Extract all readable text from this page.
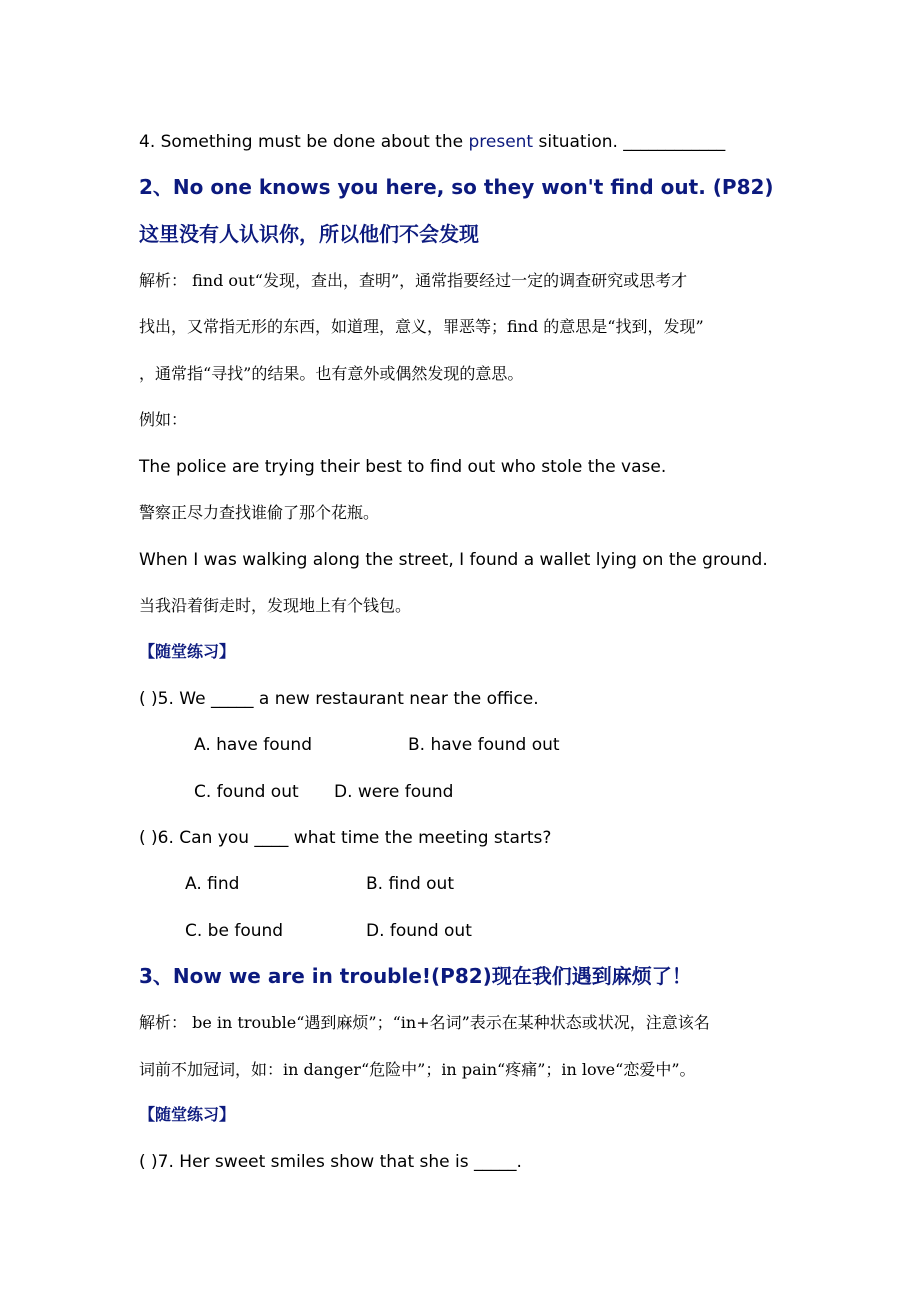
4. Something must be done about the present situation. ____________
2、No one knows you here, so they won't find out. (P82)
这里没有人认识你，所以他们不会发现
解析： find out“发现，查出，查明”，通常指要经过一定的调查研究或思考才
找出，又常指无形的东西，如道理，意义，罪恶等；find 的意思是“找到，发现”
，通常指“寻找”的结果。也有意外或偶然发现的意思。
例如：
The police are trying their best to find out who stole the vase.
警察正尽力查找谁偷了那个花瓶。
When I was walking along the street, I found a wallet lying on the ground.
当我沿着街走时，发现地上有个钱包。
【随堂练习】
( )5. We _____ a new restaurant near the office.
A. have found	B. have found out
C. found out D. were found
( )6. Can you ____ what time the meeting starts?
A. find	B. find out
C. be found	D. found out
3、Now we are in trouble!(P82)现在我们遇到麻烦了！
解析： be in trouble“遇到麻烦”；“in+名词”表示在某种状态或状况，注意该名
词前不加冠词，如：in danger“危险中”；in pain“疼痛”；in love“恋爱中”。
【随堂练习】
( )7. Her sweet smiles show that she is _____.
